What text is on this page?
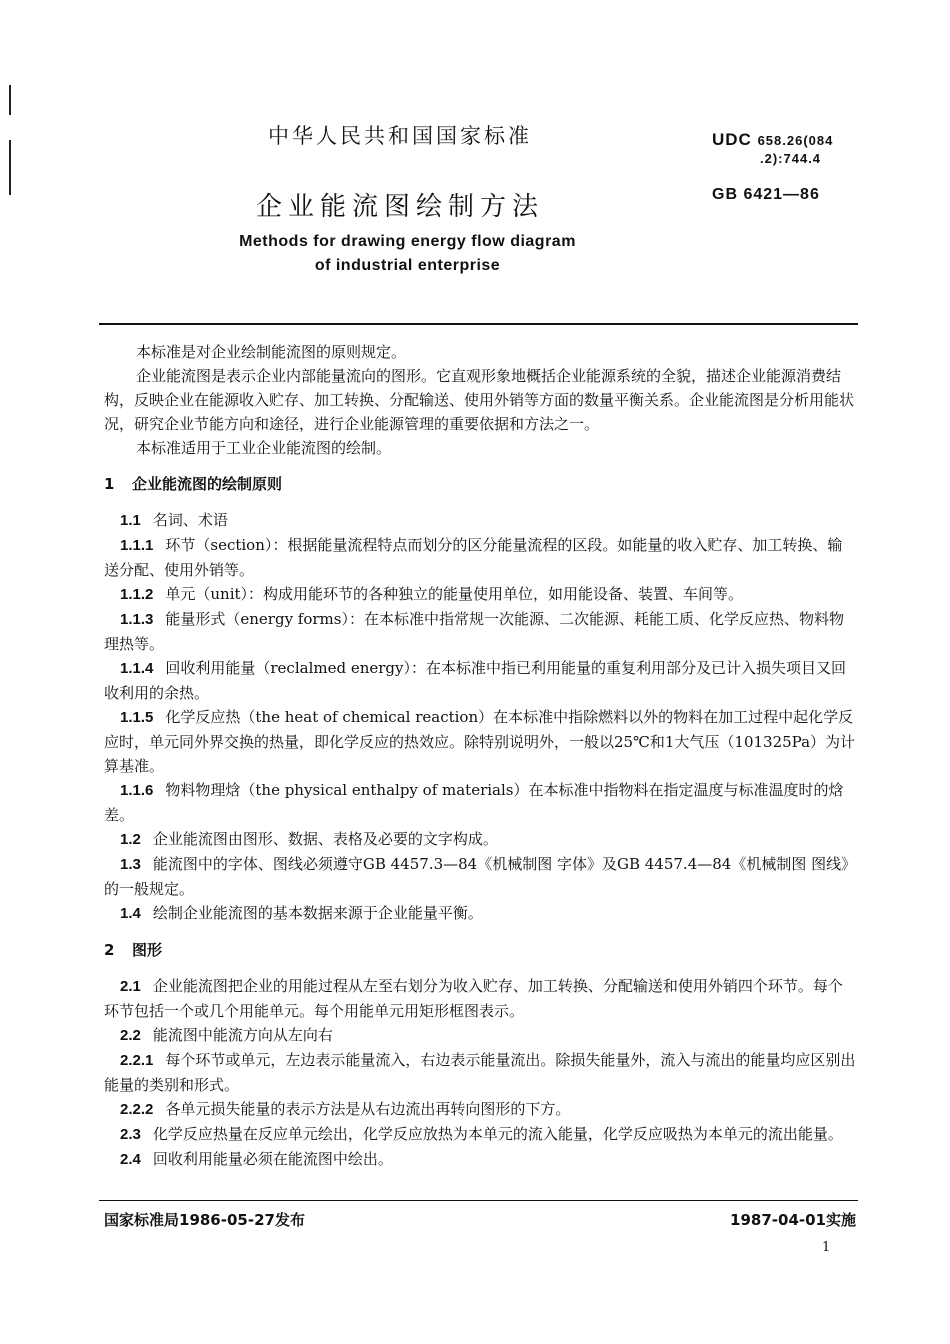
中华人民共和国国家标准	UDC 658.26(084
.2):744.4
企业能流图绘制方法	GB 6421—86
Methods for drawing energy flow diagram
of industrial enterprise

本标准是对企业绘制能流图的原则规定。

企业能流图是表示企业内部能量流向的图形。它直观形象地概括企业能源系统的全貌，描述企业能源消费结构，反映企业在能源收入贮存、加工转换、分配输送、使用外销等方面的数量平衡关系。企业能流图是分析用能状况，研究企业节能方向和途径，进行企业能源管理的重要依据和方法之一。

本标准适用于工业企业能流图的绘制。

1 企业能流图的绘制原则

1.1 名词、术语

1.1.1 环节（section）：根据能量流程特点而划分的区分能量流程的区段。如能量的收入贮存、加工转换、输送分配、使用外销等。

1.1.2 单元（unit）：构成用能环节的各种独立的能量使用单位，如用能设备、装置、车间等。

1.1.3 能量形式（energy forms）：在本标准中指常规一次能源、二次能源、耗能工质、化学反应热、物料物理热等。

1.1.4 回收利用能量（reclalmed energy）：在本标准中指已利用能量的重复利用部分及已计入损失项目又回收利用的余热。

1.1.5 化学反应热（the heat of chemical reaction）在本标准中指除燃料以外的物料在加工过程中起化学反应时，单元同外界交换的热量，即化学反应的热效应。除特别说明外，一般以25℃和1大气压（101325Pa）为计算基准。

1.1.6 物料物理焓（the physical enthalpy of materials）在本标准中指物料在指定温度与标准温度时的焓差。

1.2 企业能流图由图形、数据、表格及必要的文字构成。

1.3 能流图中的字体、图线必须遵守GB 4457.3—84《机械制图 字体》及GB 4457.4—84《机械制图 图线》的一般规定。

1.4 绘制企业能流图的基本数据来源于企业能量平衡。

2 图形

2.1 企业能流图把企业的用能过程从左至右划分为收入贮存、加工转换、分配输送和使用外销四个环节。每个环节包括一个或几个用能单元。每个用能单元用矩形框图表示。

2.2 能流图中能流方向从左向右

2.2.1 每个环节或单元，左边表示能量流入，右边表示能量流出。除损失能量外，流入与流出的能量均应区别出能量的类别和形式。

2.2.2 各单元损失能量的表示方法是从右边流出再转向图形的下方。

2.3 化学反应热量在反应单元绘出，化学反应放热为本单元的流入能量，化学反应吸热为本单元的流出能量。

2.4 回收利用能量必须在能流图中绘出。

国家标准局1986-05-27发布	1987-04-01实施
1
